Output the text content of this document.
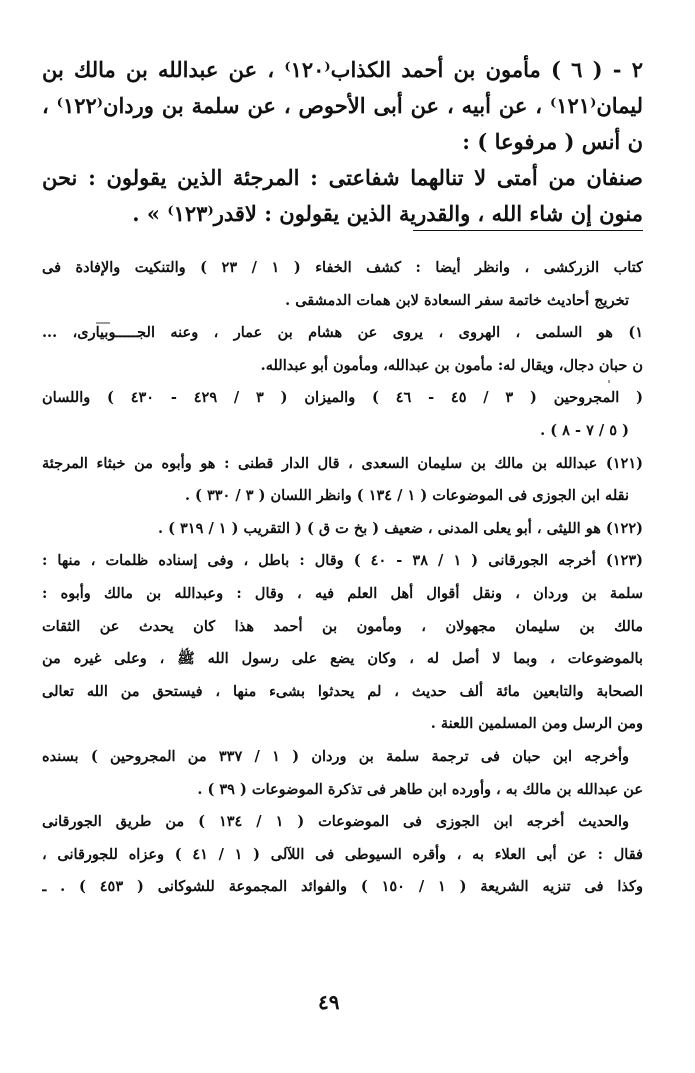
٢ - ( ٦ ) مأمون بن أحمد الكذاب⁽١٢٠⁾ ، عن عبدالله بن مالك بن
ليمان⁽١٢١⁾ ، عن أبيه ، عن أبى الأحوص ، عن سلمة بن وردان⁽١٢٢⁾ ،
ن أنس ( مرفوعا ) :
صنفان من أمتى لا تنالهما شفاعتى : المرجئة الذين يقولون : نحن
منون إن شاء الله ، والقدرية الذين يقولون : لاقدر⁽١٢٣⁾ » .
كتاب الزركشى ، وانظر أيضا : كشف الخفاء ( ١ / ٢٣ ) والتنكيت والإفادة فى
تخريج أحاديث خاتمة سفر السعادة لابن همات الدمشقى .
١) هو السلمى ، الهروى ، يروى عن هشام بن عمار ، وعنه الجـــــوبيارى، ...
ن حبان دجال، ويقال له: مأمون بن عبدالله، ومأمون أبو عبدالله.
( المجروحين ( ٣ / ٤٥ - ٤٦ ) والميزان ( ٣ / ٤٢٩ - ٤٣٠ ) واللسان
( ٥ / ٧ - ٨ ) .
(١٢١) عبدالله بن مالك بن سليمان السعدى ، قال الدار قطنى : هو وأبوه من خبثاء المرجئة
نقله ابن الجوزى فى الموضوعات ( ١ / ١٣٤ ) وانظر اللسان ( ٣ / ٣٣٠ ) .
(١٢٢) هو الليثى ، أبو يعلى المدنى ، ضعيف ( بخ ت ق ) ( التقريب ( ١ / ٣١٩ ) .
(١٢٣) أخرجه الجورقانى ( ١ / ٣٨ - ٤٠ ) وقال : باطل ، وفى إسناده ظلمات ، منها :
سلمة بن وردان ، ونقل أقوال أهل العلم فيه ، وقال : وعبدالله بن مالك وأبوه :
مالك بن سليمان مجهولان ، ومأمون بن أحمد هذا كان يحدث عن الثقات
بالموضوعات ، وبما لا أصل له ، وكان يضع على رسول الله ﷺ ، وعلى غيره من
الصحابة والتابعين مائة ألف حديث ، لم يحدثوا بشىء منها ، فيستحق من الله تعالى
ومن الرسل ومن المسلمين اللعنة .
وأخرجه ابن حبان فى ترجمة سلمة بن وردان ( ١ / ٣٣٧ من المجروحين ) بسنده
عن عبدالله بن مالك به ، وأورده ابن طاهر فى تذكرة الموضوعات ( ٣٩ ) .
والحديث أخرجه ابن الجوزى فى الموضوعات ( ١ / ١٣٤ ) من طريق الجورقانى
فقال : عن أبى العلاء به ، وأقره السيوطى فى اللآلى ( ١ / ٤١ ) وعزاه للجورقانى ،
وكذا فى تنزيه الشريعة ( ١ / ١٥٠ ) والفوائد المجموعة للشوكانى ( ٤٥٣ ) . ـ
٤٩
